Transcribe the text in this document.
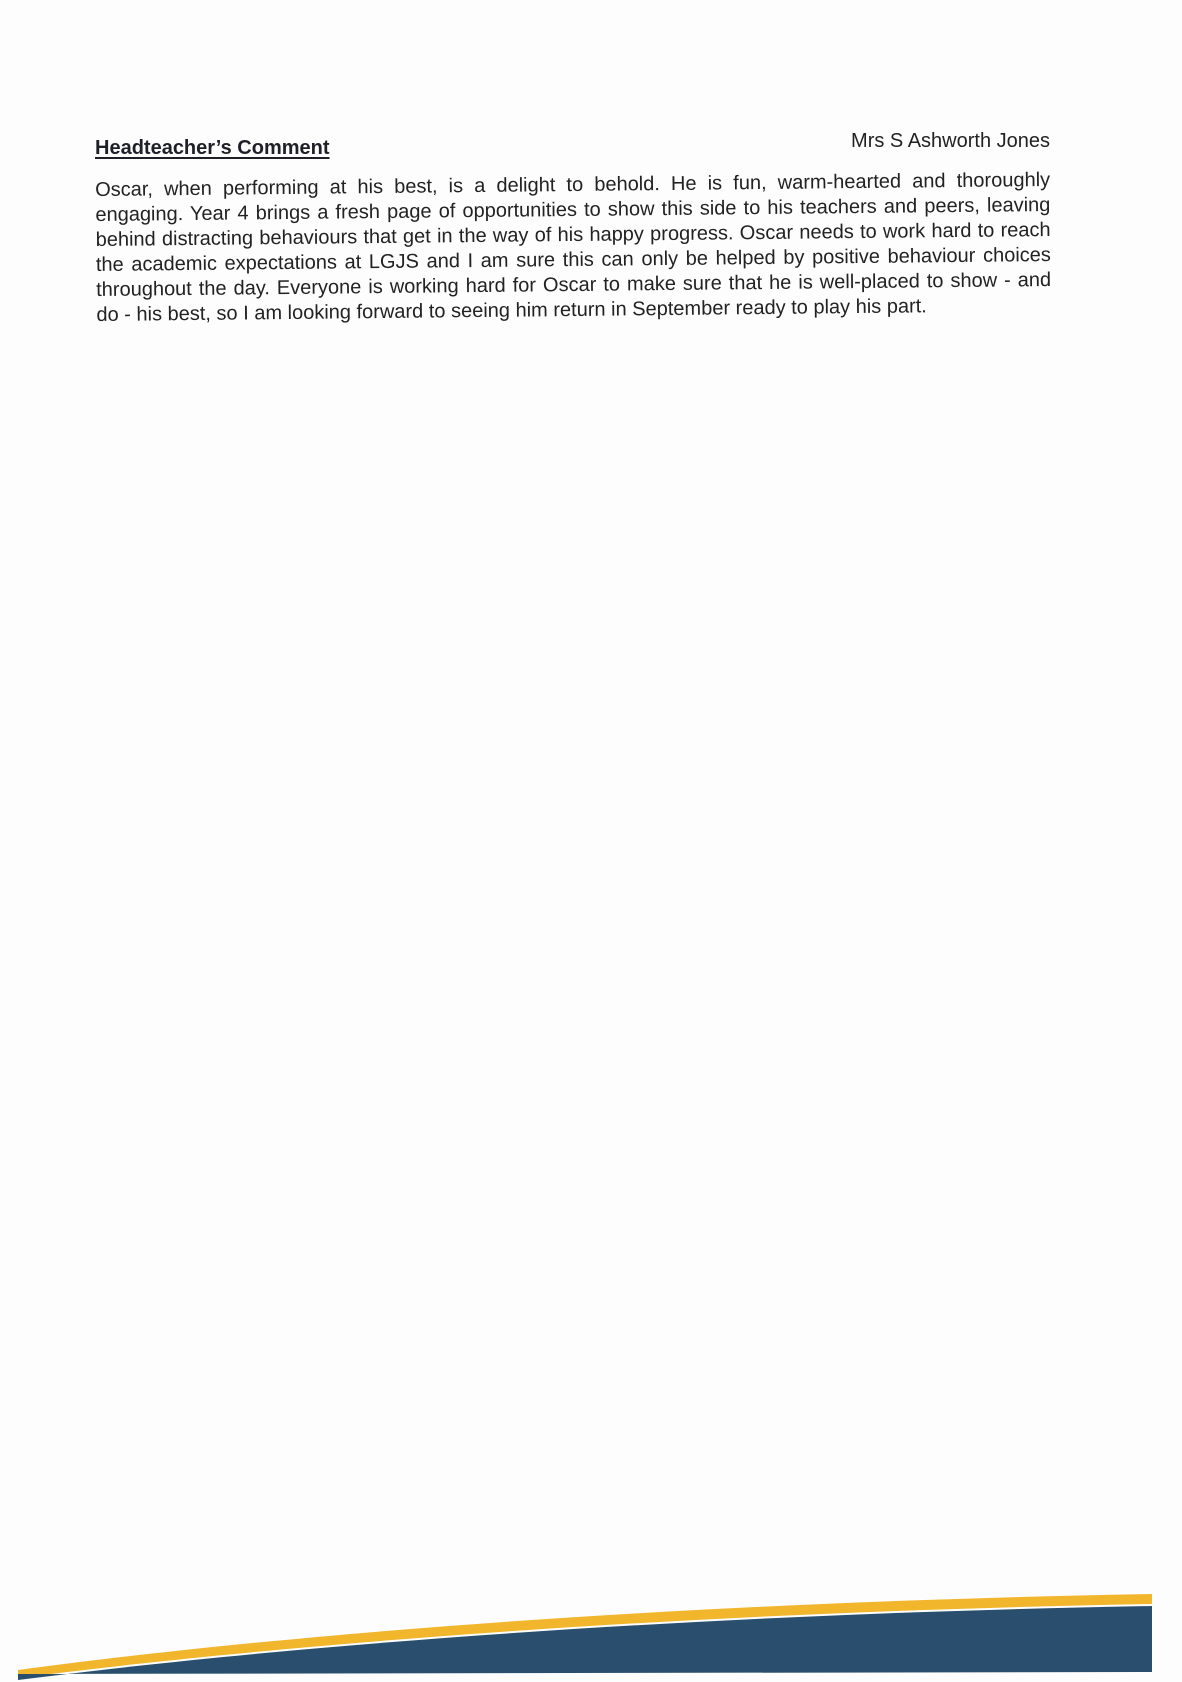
Headteacher’s Comment	Mrs S Ashworth Jones
Oscar, when performing at his best, is a delight to behold. He is fun, warm-hearted and thoroughly engaging. Year 4 brings a fresh page of opportunities to show this side to his teachers and peers, leaving behind distracting behaviours that get in the way of his happy progress. Oscar needs to work hard to reach the academic expectations at LGJS and I am sure this can only be helped by positive behaviour choices throughout the day. Everyone is working hard for Oscar to make sure that he is well-placed to show - and do - his best, so I am looking forward to seeing him return in September ready to play his part.
